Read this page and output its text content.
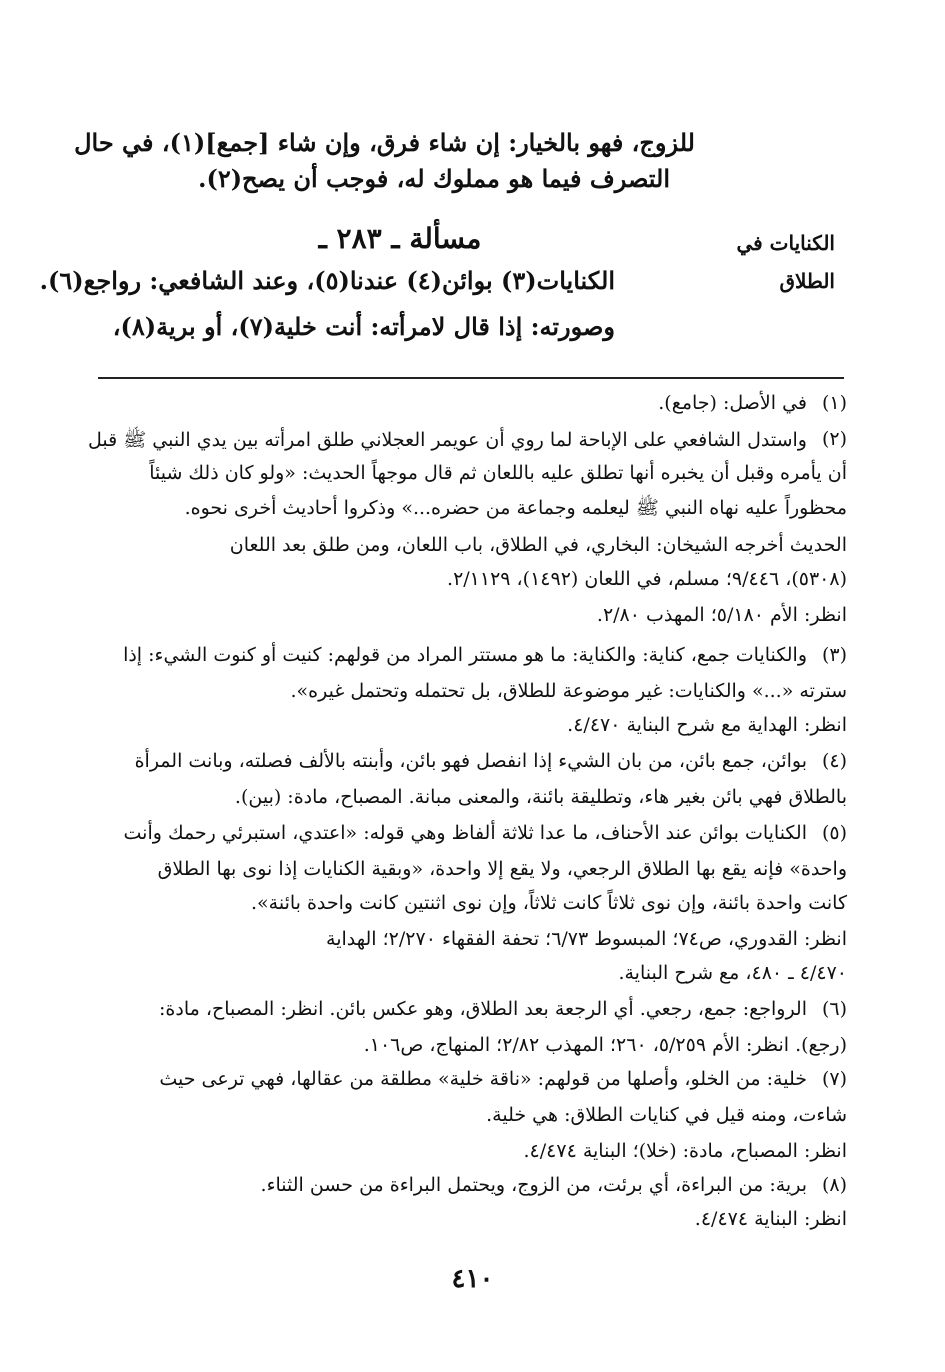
للزوج، فهو بالخيار: إن شاء فرق، وإن شاء [جمع](١)، في حال
التصرف فيما هو مملوك له، فوجب أن يصح(٢).
الكنايات في
الطلاق
مسألة ـ ٢٨٣ ـ
الكنايات(٣) بوائن(٤) عندنا(٥)، وعند الشافعي: رواجع(٦).
وصورته: إذا قال لامرأته: أنت خلية(٧)، أو برية(٨)،
(١)
في الأصل: (جامع).
(٢)
واستدل الشافعي على الإباحة لما روي أن عويمر العجلاني طلق امرأته بين يدي النبي ﷺ قبل
أن يأمره وقبل أن يخبره أنها تطلق عليه باللعان ثم قال موجهاً الحديث: «ولو كان ذلك شيئاً
محظوراً عليه نهاه النبي ﷺ ليعلمه وجماعة من حضره...» وذكروا أحاديث أخرى نحوه.
الحديث أخرجه الشيخان: البخاري، في الطلاق، باب اللعان، ومن طلق بعد اللعان
(٥٣٠٨)، ٩/٤٤٦؛ مسلم، في اللعان (١٤٩٢)، ٢/١١٢٩.
انظر: الأم ٥/١٨٠؛ المهذب ٢/٨٠.
(٣)
والكنايات جمع، كناية: والكناية: ما هو مستتر المراد من قولهم: كنيت أو كنوت الشيء: إذا
سترته «...» والكنايات: غير موضوعة للطلاق، بل تحتمله وتحتمل غيره».
انظر: الهداية مع شرح البناية ٤/٤٧٠.
(٤)
بوائن، جمع بائن، من بان الشيء إذا انفصل فهو بائن، وأبنته بالألف فصلته، وبانت المرأة
بالطلاق فهي بائن بغير هاء، وتطليقة بائنة، والمعنى مبانة. المصباح، مادة: (بين).
(٥)
الكنايات بوائن عند الأحناف، ما عدا ثلاثة ألفاظ وهي قوله: «اعتدي، استبرئي رحمك وأنت
واحدة» فإنه يقع بها الطلاق الرجعي، ولا يقع إلا واحدة، «وبقية الكنايات إذا نوى بها الطلاق
كانت واحدة بائنة، وإن نوى ثلاثاً كانت ثلاثاً، وإن نوى اثنتين كانت واحدة بائنة».
انظر: القدوري، ص٧٤؛ المبسوط ٦/٧٣؛ تحفة الفقهاء ٢/٢٧٠؛ الهداية
٤/٤٧٠ ـ ٤٨٠، مع شرح البناية.
(٦)
الرواجع: جمع، رجعي. أي الرجعة بعد الطلاق، وهو عكس بائن. انظر: المصباح، مادة:
(رجع). انظر: الأم ٥/٢٥٩، ٢٦٠؛ المهذب ٢/٨٢؛ المنهاج، ص١٠٦.
(٧)
خلية: من الخلو، وأصلها من قولهم: «ناقة خلية» مطلقة من عقالها، فهي ترعى حيث
شاءت، ومنه قيل في كنايات الطلاق: هي خلية.
انظر: المصباح، مادة: (خلا)؛ البناية ٤/٤٧٤.
(٨)
برية: من البراءة، أي برئت، من الزوج، ويحتمل البراءة من حسن الثناء.
انظر: البناية ٤/٤٧٤.
٤١٠
